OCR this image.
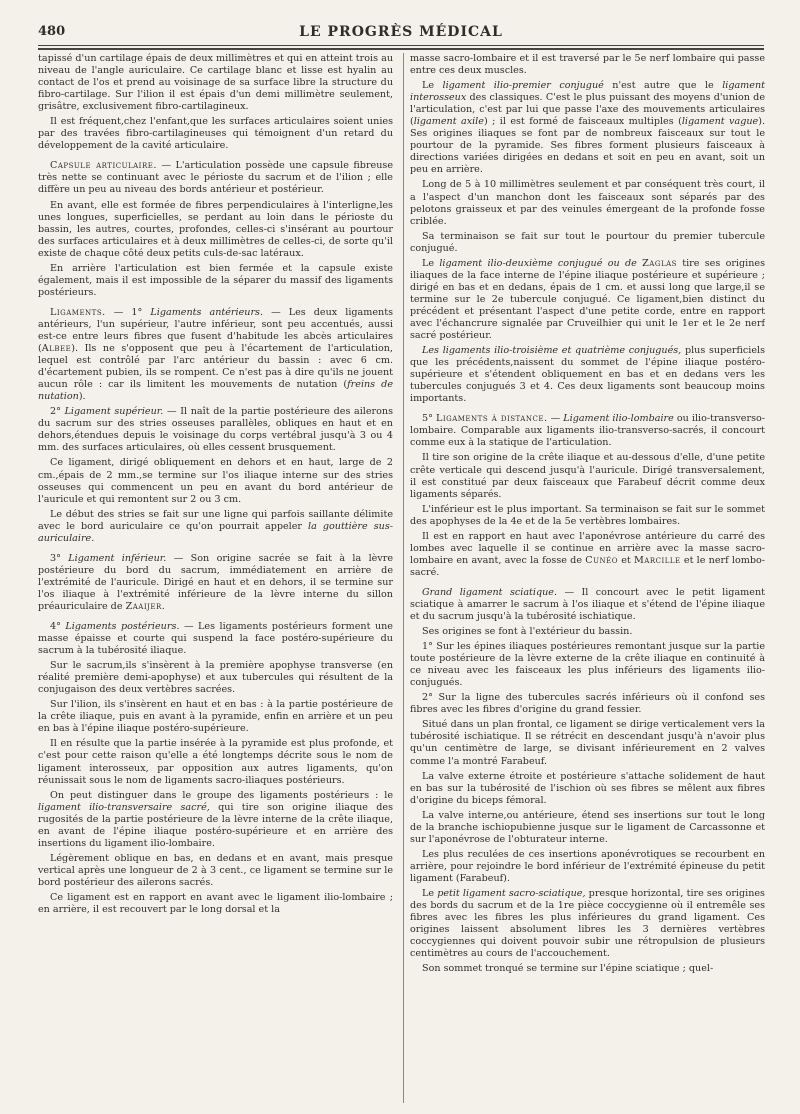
480	LE PROGRÈS MÉDICAL

tapissé d'un cartilage épais de deux millimètres et qui en atteint trois au niveau de l'angle auriculaire. Ce cartilage blanc et lisse est hyalin au contact de l'os et prend au voisinage de sa surface libre la structure du fibro-cartilage. Sur l'ilion il est épais d'un demi millimètre seulement, grisâtre, exclusivement fibro-cartilagineux.

Il est fréquent,chez l'enfant,que les surfaces articulaires soient unies par des travées fibro-cartilagineuses qui témoignent d'un retard du développement de la cavité articulaire.

Capsule articulaire. — L'articulation possède une capsule fibreuse très nette se continuant avec le périoste du sacrum et de l'ilion ; elle diffère un peu au niveau des bords antérieur et postérieur.

En avant, elle est formée de fibres perpendiculaires à l'interligne,les unes longues, superficielles, se perdant au loin dans le périoste du bassin, les autres, courtes, profondes, celles-ci s'insérant au pourtour des surfaces articulaires et à deux millimètres de celles-ci, de sorte qu'il existe de chaque côté deux petits culs-de-sac latéraux.

En arrière l'articulation est bien fermée et la capsule existe également, mais il est impossible de la séparer du massif des ligaments postérieurs.

Ligaments. — 1° Ligaments antérieurs. — Les deux ligaments antérieurs, l'un supérieur, l'autre inférieur, sont peu accentués, aussi est-ce entre leurs fibres que fusent d'habitude les abcès articulaires (Albee). Ils ne s'opposent que peu à l'écartement de l'articulation, lequel est contrôlé par l'arc antérieur du bassin : avec 6 cm. d'écartement pubien, ils se rompent. Ce n'est pas à dire qu'ils ne jouent aucun rôle : car ils limitent les mouvements de nutation (freins de nutation).

2° Ligament supérieur. — Il naît de la partie postérieure des ailerons du sacrum sur des stries osseuses parallèles, obliques en haut et en dehors,étendues depuis le voisinage du corps vertébral jusqu'à 3 ou 4 mm. des surfaces articulaires, où elles cessent brusquement.

Ce ligament, dirigé obliquement en dehors et en haut, large de 2 cm.,épais de 2 mm.,se termine sur l'os iliaque interne sur des stries osseuses qui commencent un peu en avant du bord antérieur de l'auricule et qui remontent sur 2 ou 3 cm.

Le début des stries se fait sur une ligne qui parfois saillante délimite avec le bord auriculaire ce qu'on pourrait appeler la gouttière sus-auriculaire.

3° Ligament inférieur. — Son origine sacrée se fait à la lèvre postérieure du bord du sacrum, immédiatement en arrière de l'extrémité de l'auricule. Dirigé en haut et en dehors, il se termine sur l'os iliaque à l'extrémité inférieure de la lèvre interne du sillon préauriculaire de Zaaijer.

4° Ligaments postérieurs. — Les ligaments postérieurs forment une masse épaisse et courte qui suspend la face postéro-supérieure du sacrum à la tubérosité iliaque.

Sur le sacrum,ils s'insèrent à la première apophyse transverse (en réalité première demi-apophyse) et aux tubercules qui résultent de la conjugaison des deux vertèbres sacrées.

Sur l'ilion, ils s'insèrent en haut et en bas : à la partie postérieure de la crête iliaque, puis en avant à la pyramide, enfin en arrière et un peu en bas à l'épine iliaque postéro-supérieure.

Il en résulte que la partie insérée à la pyramide est plus profonde, et c'est pour cette raison qu'elle a été longtemps décrite sous le nom de ligament interosseux, par opposition aux autres ligaments, qu'on réunissait sous le nom de ligaments sacro-iliaques postérieurs.

On peut distinguer dans le groupe des ligaments postérieurs : le ligament ilio-transversaire sacré, qui tire son origine iliaque des rugosités de la partie postérieure de la lèvre interne de la crête iliaque, en avant de l'épine iliaque postéro-supérieure et en arrière des insertions du ligament ilio-lombaire.

Légèrement oblique en bas, en dedans et en avant, mais presque vertical après une longueur de 2 à 3 cent., ce ligament se termine sur le bord postérieur des ailerons sacrés.

Ce ligament est en rapport en avant avec le ligament ilio-lombaire ; en arrière, il est recouvert par le long dorsal et la

masse sacro-lombaire et il est traversé par le 5e nerf lombaire qui passe entre ces deux muscles.

Le ligament ilio-premier conjugué n'est autre que le ligament interosseux des classiques. C'est le plus puissant des moyens d'union de l'articulation, c'est par lui que passe l'axe des mouvements articulaires (ligament axile) ; il est formé de faisceaux multiples (ligament vague). Ses origines iliaques se font par de nombreux faisceaux sur tout le pourtour de la pyramide. Ses fibres forment plusieurs faisceaux à directions variées dirigées en dedans et soit en peu en avant, soit un peu en arrière.

Long de 5 à 10 millimètres seulement et par conséquent très court, il a l'aspect d'un manchon dont les faisceaux sont séparés par des pelotons graisseux et par des veinules émergeant de la profonde fosse criblée.

Sa terminaison se fait sur tout le pourtour du premier tubercule conjugué.

Le ligament ilio-deuxième conjugué ou de Zaglas tire ses origines iliaques de la face interne de l'épine iliaque postérieure et supérieure ; dirigé en bas et en dedans, épais de 1 cm. et aussi long que large,il se termine sur le 2e tubercule conjugué. Ce ligament,bien distinct du précédent et présentant l'aspect d'une petite corde, entre en rapport avec l'échancrure signalée par Cruveilhier qui unit le 1er et le 2e nerf sacré postérieur.

Les ligaments ilio-troisième et quatrième conjugués, plus superficiels que les précédents,naissent du sommet de l'épine iliaque postéro-supérieure et s'étendent obliquement en bas et en dedans vers les tubercules conjugués 3 et 4. Ces deux ligaments sont beaucoup moins importants.

5° Ligaments à distance. — Ligament ilio-lombaire ou ilio-transverso-lombaire. Comparable aux ligaments ilio-transverso-sacrés, il concourt comme eux à la statique de l'articulation.

Il tire son origine de la crête iliaque et au-dessous d'elle, d'une petite crête verticale qui descend jusqu'à l'auricule. Dirigé transversalement, il est constitué par deux faisceaux que Farabeuf décrit comme deux ligaments séparés.

L'inférieur est le plus important. Sa terminaison se fait sur le sommet des apophyses de la 4e et de la 5e vertèbres lombaires.

Il est en rapport en haut avec l'aponévrose antérieure du carré des lombes avec laquelle il se continue en arrière avec la masse sacro-lombaire en avant, avec la fosse de Cunéo et Marcille et le nerf lombo-sacré.

Grand ligament sciatique. — Il concourt avec le petit ligament sciatique à amarrer le sacrum à l'os iliaque et s'étend de l'épine iliaque et du sacrum jusqu'à la tubérosité ischiatique.

Ses origines se font à l'extérieur du bassin.

1° Sur les épines iliaques postérieures remontant jusque sur la partie toute postérieure de la lèvre externe de la crête iliaque en continuité à ce niveau avec les faisceaux les plus inférieurs des ligaments ilio-conjugués.

2° Sur la ligne des tubercules sacrés inférieurs où il confond ses fibres avec les fibres d'origine du grand fessier.

Situé dans un plan frontal, ce ligament se dirige verticalement vers la tubérosité ischiatique. Il se rétrécit en descendant jusqu'à n'avoir plus qu'un centimètre de large, se divisant inférieurement en 2 valves comme l'a montré Farabeuf.

La valve externe étroite et postérieure s'attache solidement de haut en bas sur la tubérosité de l'ischion où ses fibres se mêlent aux fibres d'origine du biceps fémoral.

La valve interne,ou antérieure, étend ses insertions sur tout le long de la branche ischiopubienne jusque sur le ligament de Carcassonne et sur l'aponévrose de l'obturateur interne.

Les plus reculées de ces insertions aponévrotiques se recourbent en arrière, pour rejoindre le bord inférieur de l'extrémité épineuse du petit ligament (Farabeuf).

Le petit ligament sacro-sciatique, presque horizontal, tire ses origines des bords du sacrum et de la 1re pièce coccygienne où il entremêle ses fibres avec les fibres les plus inférieures du grand ligament. Ces origines laissent absolument libres les 3 dernières vertèbres coccygiennes qui doivent pouvoir subir une rétropulsion de plusieurs centimètres au cours de l'accouchement.

Son sommet tronqué se termine sur l'épine sciatique ; quel-
